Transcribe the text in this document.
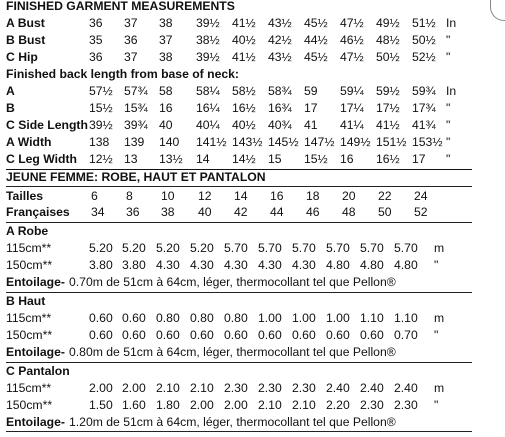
FINISHED GARMENT MEASUREMENTS
A Bust	36 37 38 39½ 41½ 43½ 45½ 47½ 49½ 51½ In
B Bust	35 36 37 38½ 40½ 42½ 44½ 46½ 48½ 50½ "
C Hip	36 37 38 39½ 41½ 43½ 45½ 47½ 50½ 52½ "
Finished back length from base of neck:
A	57½ 57¾ 58 58¼ 58½ 58¾ 59 59¼ 59½ 59¾ In
B	15½ 15¾ 16 16¼ 16½ 16¾ 17 17¼ 17½ 17¾ "
C Side Length 39½ 39¾ 40 40¼ 40½ 40¾ 41 41¼ 41½ 41¾ "
A Width	138 139 140 141½ 143½ 145½ 147½ 149½ 151½ 153½ "
C Leg Width 12½ 13 13½ 14 14½ 15 15½ 16 16½ 17 "
JEUNE FEMME: ROBE, HAUT ET PANTALON
Tailles	6 8 10 12 14 16 18 20 22 24
Françaises 34 36 38 40 42 44 46 48 50 52
A Robe
115cm**	5.20 5.20 5.20 5.20 5.70 5.70 5.70 5.70 5.70 5.70 m
150cm**	3.80 3.80 4.30 4.30 4.30 4.30 4.30 4.80 4.80 4.80 "
Entoilage- 0.70m de 51cm à 64cm, léger, thermocollant tel que Pellon®
B Haut
115cm**	0.60 0.60 0.80 0.80 0.80 1.00 1.00 1.00 1.10 1.10 m
150cm**	0.60 0.60 0.60 0.60 0.60 0.60 0.60 0.60 0.60 0.70 "
Entoilage- 0.80m de 51cm à 64cm, léger, thermocollant tel que Pellon®
C Pantalon
115cm**	2.00 2.00 2.10 2.10 2.30 2.30 2.30 2.40 2.40 2.40 m
150cm**	1.50 1.60 1.80 2.00 2.00 2.10 2.10 2.20 2.30 2.30 "
Entoilage- 1.20m de 51cm à 64cm, léger, thermocollant tel que Pellon®
